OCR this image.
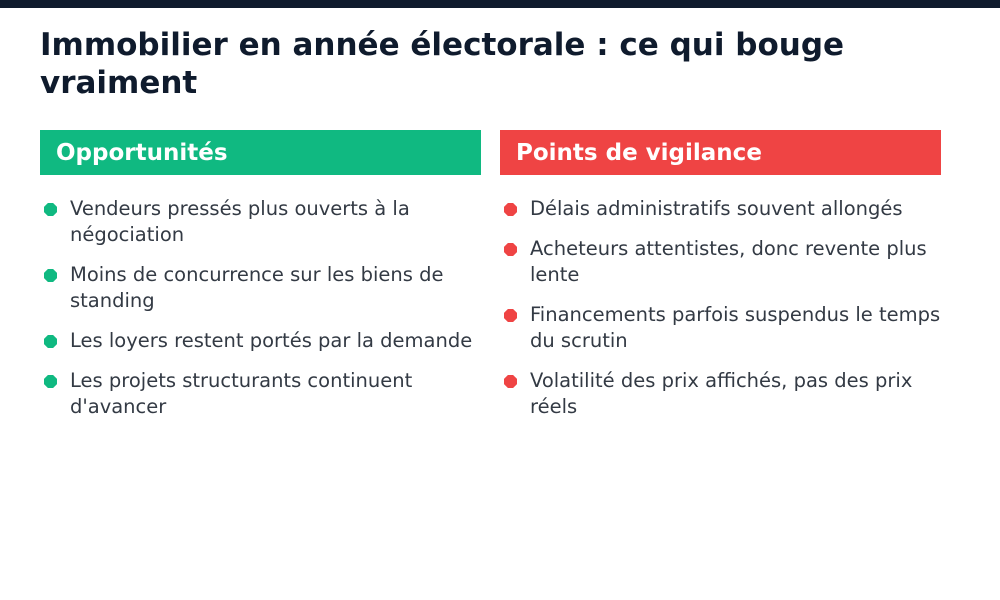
Immobilier en année électorale : ce qui bouge vraiment
Opportunités
Vendeurs pressés plus ouverts à la négociation
Moins de concurrence sur les biens de standing
Les loyers restent portés par la demande
Les projets structurants continuent d'avancer
Points de vigilance
Délais administratifs souvent allongés
Acheteurs attentistes, donc revente plus lente
Financements parfois suspendus le temps du scrutin
Volatilité des prix affichés, pas des prix réels
